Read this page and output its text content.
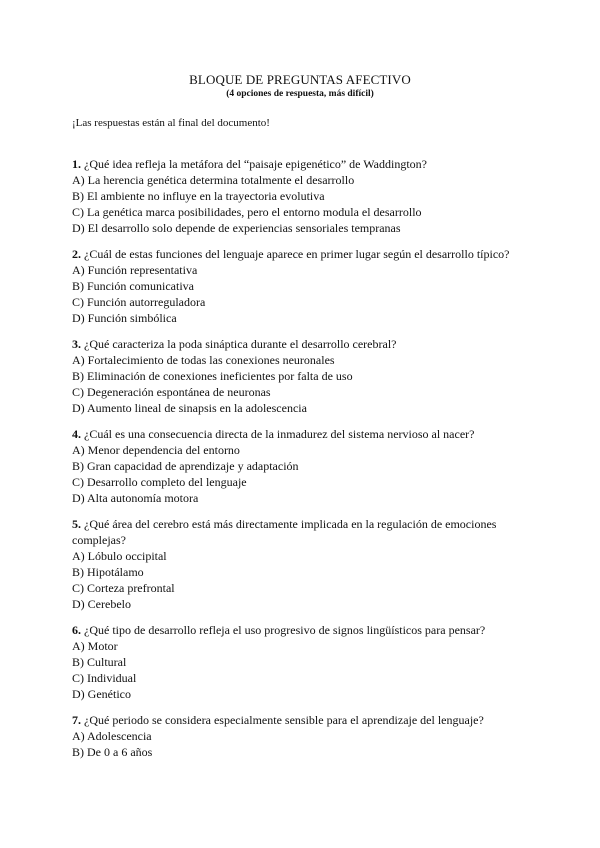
BLOQUE DE PREGUNTAS AFECTIVO
(4 opciones de respuesta, más difícil)
¡Las respuestas están al final del documento!

1. ¿Qué idea refleja la metáfora del “paisaje epigenético” de Waddington?

A) La herencia genética determina totalmente el desarrollo

B) El ambiente no influye en la trayectoria evolutiva

C) La genética marca posibilidades, pero el entorno modula el desarrollo

D) El desarrollo solo depende de experiencias sensoriales tempranas

2. ¿Cuál de estas funciones del lenguaje aparece en primer lugar según el desarrollo típico?

A) Función representativa

B) Función comunicativa

C) Función autorreguladora

D) Función simbólica

3. ¿Qué caracteriza la poda sináptica durante el desarrollo cerebral?

A) Fortalecimiento de todas las conexiones neuronales

B) Eliminación de conexiones ineficientes por falta de uso

C) Degeneración espontánea de neuronas

D) Aumento lineal de sinapsis en la adolescencia

4. ¿Cuál es una consecuencia directa de la inmadurez del sistema nervioso al nacer?

A) Menor dependencia del entorno

B) Gran capacidad de aprendizaje y adaptación

C) Desarrollo completo del lenguaje

D) Alta autonomía motora

5. ¿Qué área del cerebro está más directamente implicada en la regulación de emociones complejas?

A) Lóbulo occipital

B) Hipotálamo

C) Corteza prefrontal

D) Cerebelo

6. ¿Qué tipo de desarrollo refleja el uso progresivo de signos lingüísticos para pensar?

A) Motor

B) Cultural

C) Individual

D) Genético

7. ¿Qué periodo se considera especialmente sensible para el aprendizaje del lenguaje?

A) Adolescencia

B) De 0 a 6 años
